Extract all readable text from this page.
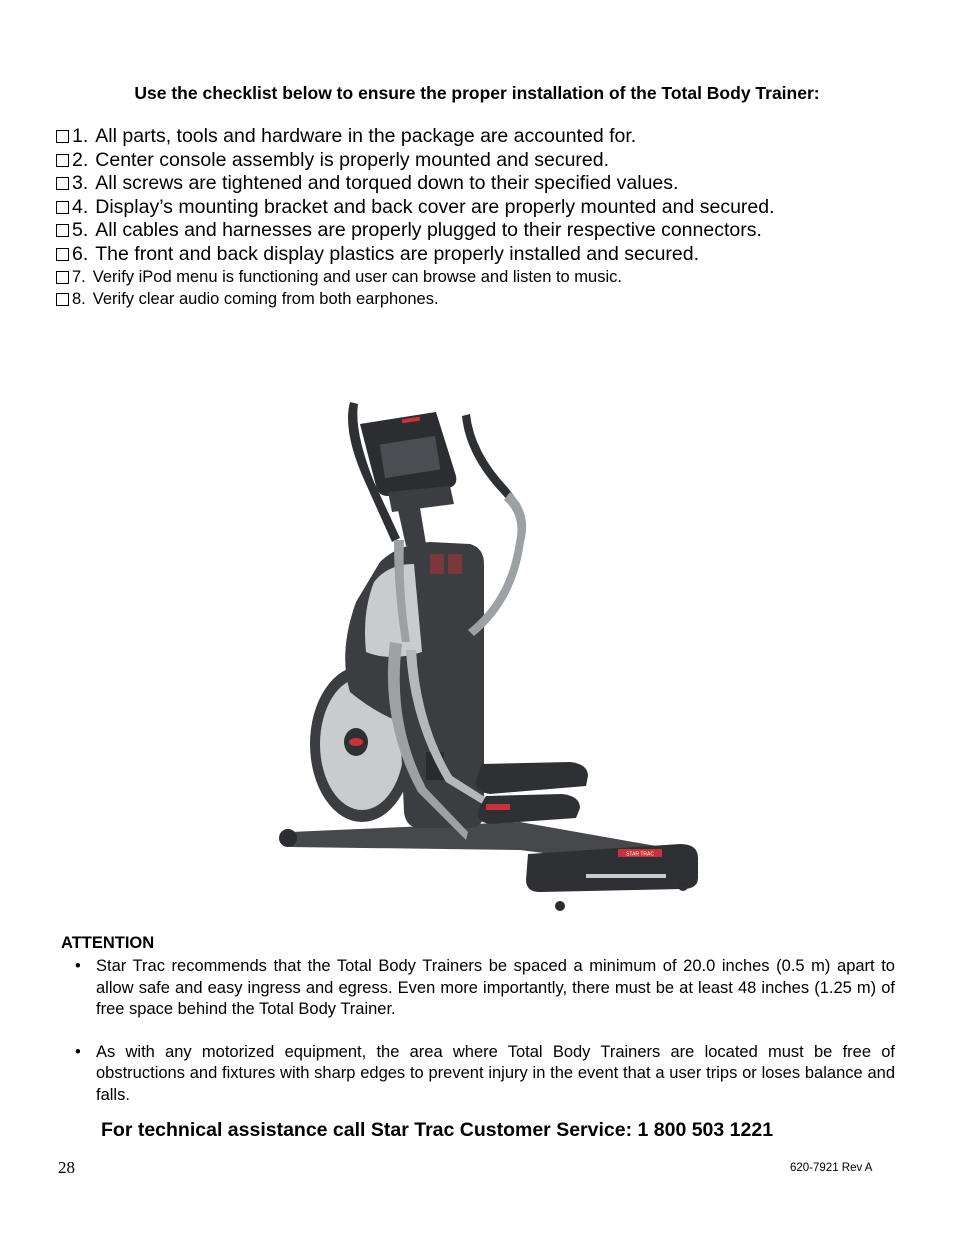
Use the checklist below to ensure the proper installation of the Total Body Trainer:
1. All parts, tools and hardware in the package are accounted for.
2. Center console assembly is properly mounted and secured.
3. All screws are tightened and torqued down to their specified values.
4. Display’s mounting bracket and back cover are properly mounted and secured.
5. All cables and harnesses are properly plugged to their respective connectors.
6. The front and back display plastics are properly installed and secured.
7. Verify iPod menu is functioning and user can browse and listen to music.
8. Verify clear audio coming from both earphones.
STAR TRAC
ATTENTION
• Star Trac recommends that the Total Body Trainers be spaced a minimum of 20.0 inches (0.5 m) apart to allow safe and easy ingress and egress. Even more importantly, there must be at least 48 inches (1.25 m) of free space behind the Total Body Trainer.
• As with any motorized equipment, the area where Total Body Trainers are located must be free of obstructions and fixtures with sharp edges to prevent injury in the event that a user trips or loses balance and falls.
For technical assistance call Star Trac Customer Service: 1 800 503 1221
28	620-7921 Rev A
